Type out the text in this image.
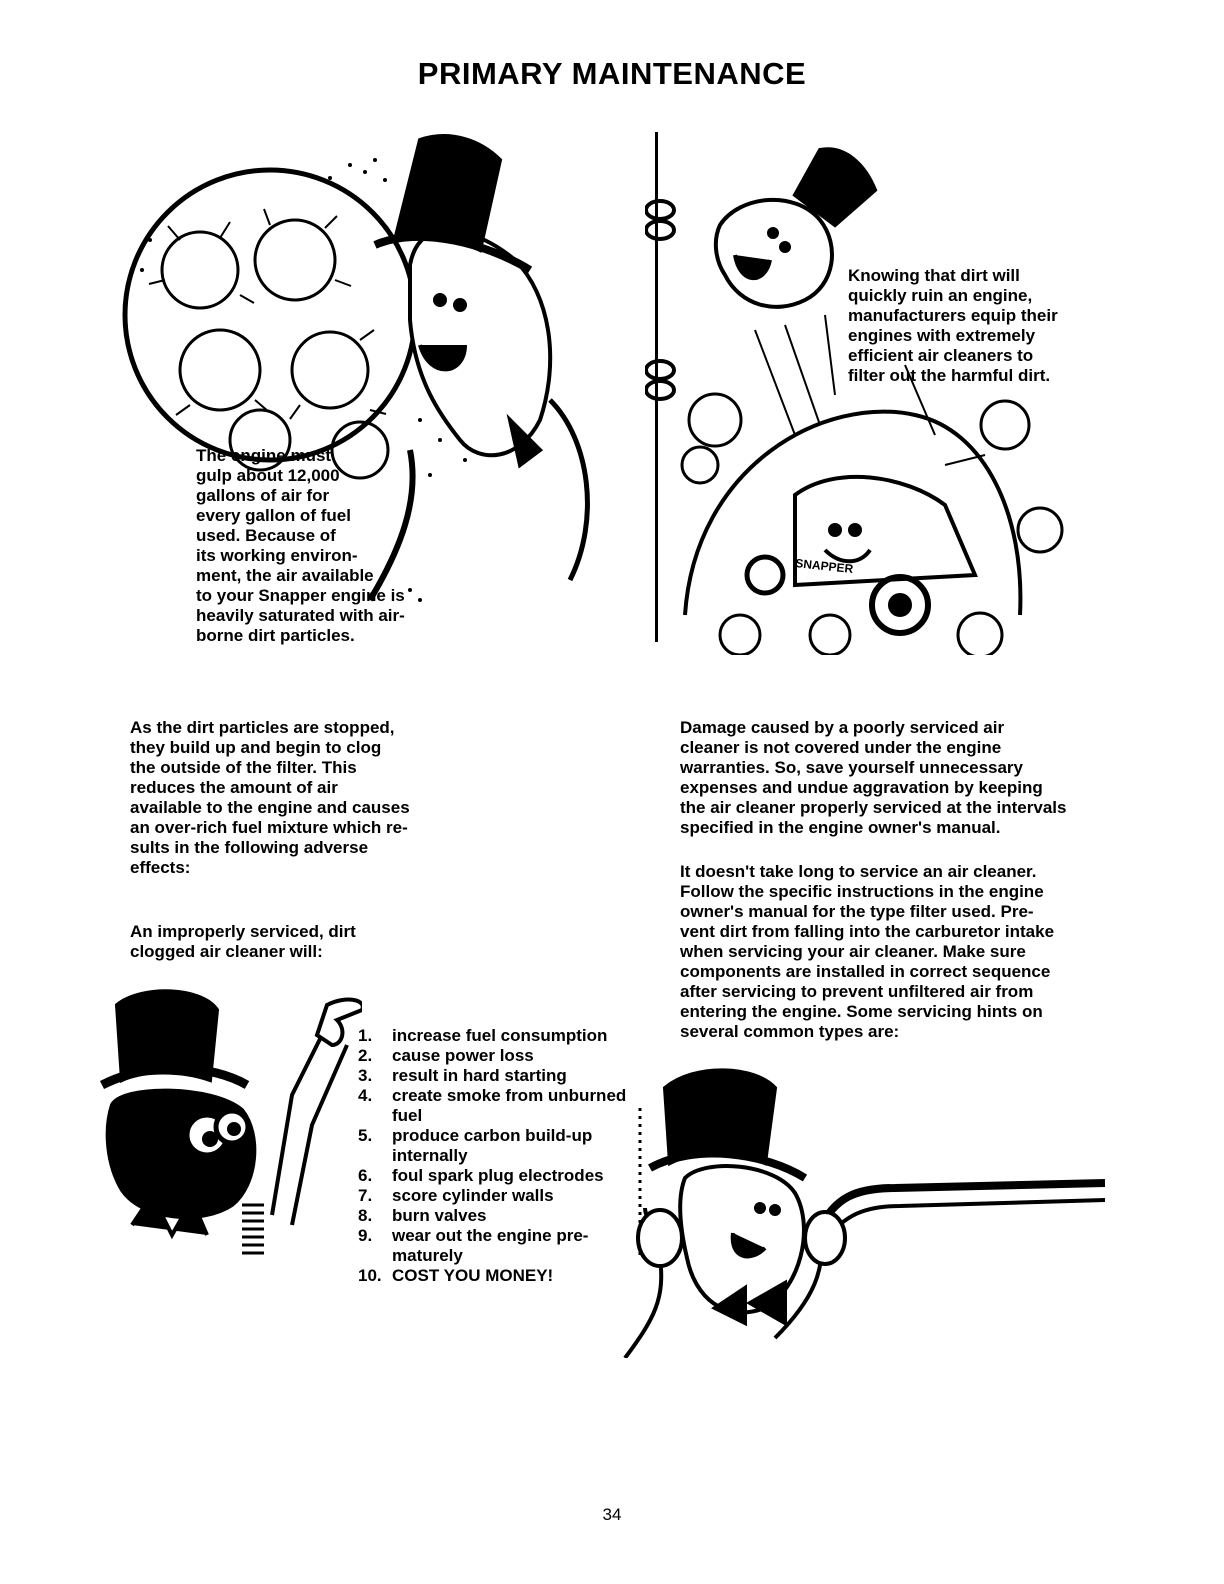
PRIMARY MAINTENANCE
SNAPPER
The engine must
gulp about 12,000
gallons of air for
every gallon of fuel
used. Because of
its working environ-
ment, the air available
to your Snapper engine is
heavily saturated with air-
borne dirt particles.
Knowing that dirt will
quickly ruin an engine,
manufacturers equip their
engines with extremely
efficient air cleaners to
filter out the harmful dirt.
As the dirt particles are stopped,
they build up and begin to clog
the outside of the filter. This
reduces the amount of air
available to the engine and causes
an over-rich fuel mixture which re-
sults in the following adverse
effects:
An improperly serviced, dirt
clogged air cleaner will:
Damage caused by a poorly serviced air
cleaner is not covered under the engine
warranties. So, save yourself unnecessary
expenses and undue aggravation by keeping
the air cleaner properly serviced at the intervals
specified in the engine owner's manual.
It doesn't take long to service an air cleaner.
Follow the specific instructions in the engine
owner's manual for the type filter used. Pre-
vent dirt from falling into the carburetor intake
when servicing your air cleaner. Make sure
components are installed in correct sequence
after servicing to prevent unfiltered air from
entering the engine. Some servicing hints on
several common types are:
1.	increase fuel consumption
2.	cause power loss
3.	result in hard starting
4.	create smoke from unburned
fuel
5.	produce carbon build-up
internally
6.	foul spark plug electrodes
7.	score cylinder walls
8.	burn valves
9.	wear out the engine pre-
maturely
10. COST YOU MONEY!
34
